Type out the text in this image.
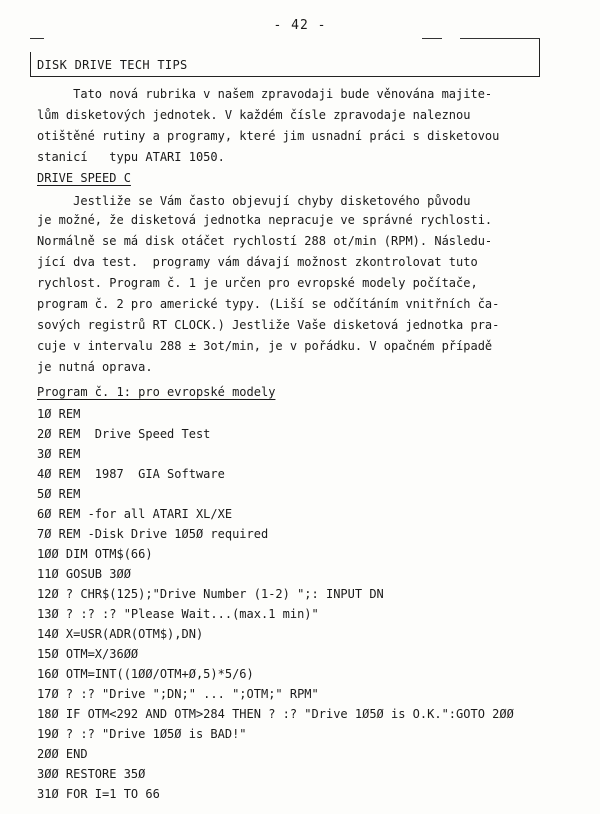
- 42 -
DISK DRIVE TECH TIPS
Tato nová rubrika v našem zpravodaji bude věnována majite-
lům disketových jednotek. V každém čísle zpravodaje naleznou
otištěné rutiny a programy, které jim usnadní práci s disketovou
stanicí   typu ATARI 1050.
DRIVE SPEED C
Jestliže se Vám často objevují chyby disketového původu
je možné, že disketová jednotka nepracuje ve správné rychlosti.
Normálně se má disk otáčet rychlostí 288 ot/min (RPM). Následu-
jící dva test.  programy vám dávají možnost zkontrolovat tuto
rychlost. Program č. 1 je určen pro evropské modely počítače,
program č. 2 pro americké typy. (Liší se odčítáním vnitřních ča-
sových registrů RT CLOCK.) Jestliže Vaše disketová jednotka pra-
cuje v intervalu 288 ± 3ot/min, je v pořádku. V opačném případě
je nutná oprava.
Program č. 1: pro evropské modely
1Ø REM
2Ø REM  Drive Speed Test
3Ø REM
4Ø REM  1987  GIA Software
5Ø REM
6Ø REM -for all ATARI XL/XE
7Ø REM -Disk Drive 1Ø5Ø required
1ØØ DIM OTM$(66)
11Ø GOSUB 3ØØ
12Ø ? CHR$(125);"Drive Number (1-2) ";: INPUT DN
13Ø ? :? :? "Please Wait...(max.1 min)"
14Ø X=USR(ADR(OTM$),DN)
15Ø OTM=X/36ØØ
16Ø OTM=INT((1ØØ/OTM+Ø,5)*5/6)
17Ø ? :? "Drive ";DN;" ... ";OTM;" RPM"
18Ø IF OTM<292 AND OTM>284 THEN ? :? "Drive 1Ø5Ø is O.K.":GOTO 2ØØ
19Ø ? :? "Drive 1Ø5Ø is BAD!"
2ØØ END
3ØØ RESTORE 35Ø
31Ø FOR I=1 TO 66
